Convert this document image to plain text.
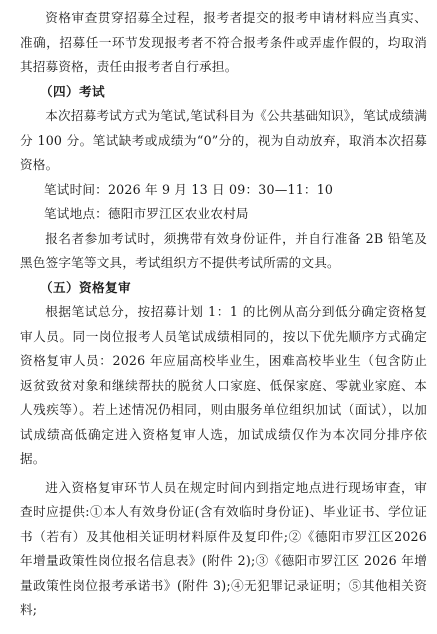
资格审查贯穿招募全过程，报考者提交的报考申请材料应当真实、准确，招募任一环节发现报考者不符合报考条件或弄虚作假的，均取消其招募资格，责任由报考者自行承担。

（四）考试

本次招募考试方式为笔试,笔试科目为《公共基础知识》，笔试成绩满分 100 分。笔试缺考或成绩为“0”分的，视为自动放弃，取消本次招募资格。

笔试时间：2026 年 9 月 13 日 09：30—11：10

笔试地点：德阳市罗江区农业农村局

报名者参加考试时，须携带有效身份证件，并自行准备 2B 铅笔及黑色签字笔等文具，考试组织方不提供考试所需的文具。

（五）资格复审

根据笔试总分，按招募计划 1：1 的比例从高分到低分确定资格复审人员。同一岗位报考人员笔试成绩相同的，按以下优先顺序方式确定资格复审人员：2026 年应届高校毕业生，困难高校毕业生（包含防止返贫致贫对象和继续帮扶的脱贫人口家庭、低保家庭、零就业家庭、本人残疾等）。若上述情况仍相同，则由服务单位组织加试（面试），以加试成绩高低确定进入资格复审人选，加试成绩仅作为本次同分排序依据。

进入资格复审环节人员在规定时间内到指定地点进行现场审查，审查时应提供:①本人有效身份证(含有效临时身份证)、毕业证书、学位证书（若有）及其他相关证明材料原件及复印件;②《德阳市罗江区2026 年增量政策性岗位报名信息表》(附件 2);③《德阳市罗江区 2026 年增量政策性岗位报考承诺书》(附件 3);④无犯罪记录证明；⑤其他相关资料;
